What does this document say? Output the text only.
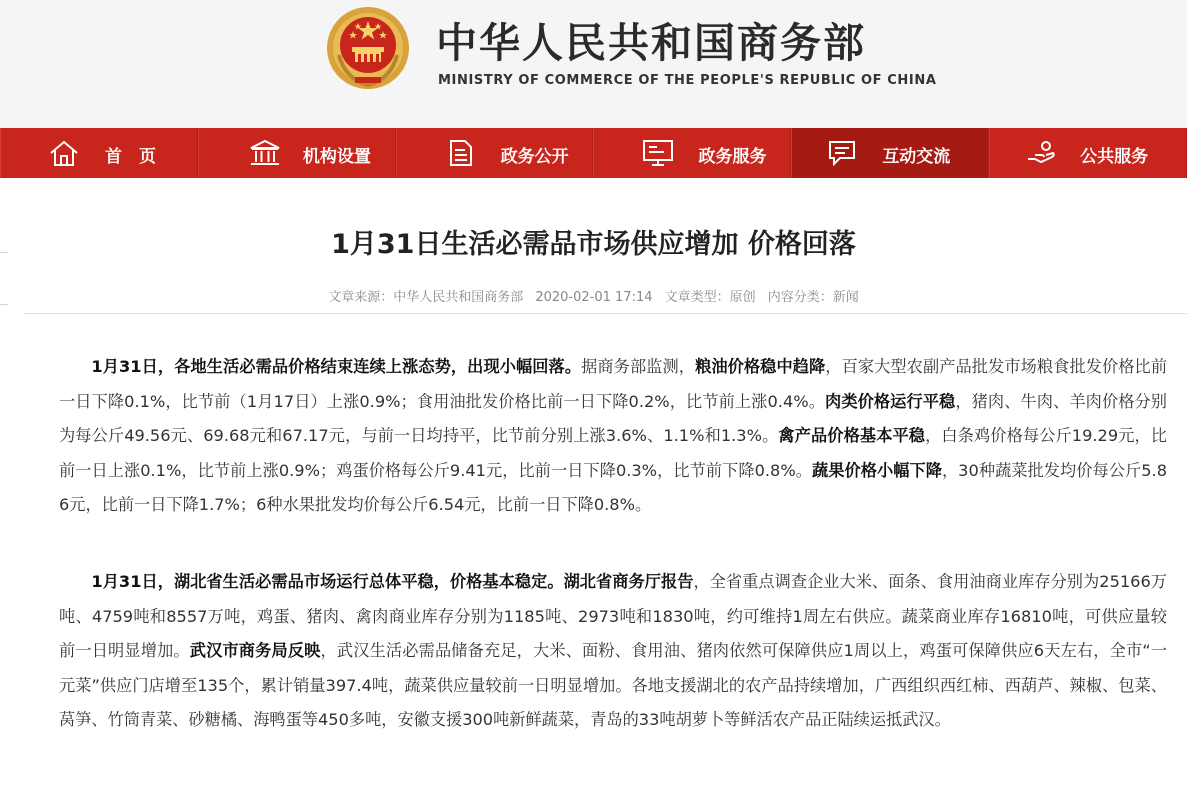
中华人民共和国商务部
MINISTRY OF COMMERCE OF THE PEOPLE'S REPUBLIC OF CHINA
首　页	机构设置	政务公开	政务服务	互动交流	公共服务
1月31日生活必需品市场供应增加 价格回落
文章来源：中华人民共和国商务部 2020-02-01 17:14 文章类型：原创 内容分类：新闻
1月31日，各地生活必需品价格结束连续上涨态势，出现小幅回落。据商务部监测，粮油价格稳中趋降，百家大型农副产品批发市场粮食批发价格比前一日下降0.1%，比节前（1月17日）上涨0.9%；食用油批发价格比前一日下降0.2%，比节前上涨0.4%。肉类价格运行平稳，猪肉、牛肉、羊肉价格分别为每公斤49.56元、69.68元和67.17元，与前一日均持平，比节前分别上涨3.6%、1.1%和1.3%。禽产品价格基本平稳，白条鸡价格每公斤19.29元，比前一日上涨0.1%，比节前上涨0.9%；鸡蛋价格每公斤9.41元，比前一日下降0.3%，比节前下降0.8%。蔬果价格小幅下降，30种蔬菜批发均价每公斤5.86元，比前一日下降1.7%；6种水果批发均价每公斤6.54元，比前一日下降0.8%。
1月31日，湖北省生活必需品市场运行总体平稳，价格基本稳定。湖北省商务厅报告，全省重点调查企业大米、面条、食用油商业库存分别为25166万吨、4759吨和8557万吨，鸡蛋、猪肉、禽肉商业库存分别为1185吨、2973吨和1830吨，约可维持1周左右供应。蔬菜商业库存16810吨，可供应量较前一日明显增加。武汉市商务局反映，武汉生活必需品储备充足，大米、面粉、食用油、猪肉依然可保障供应1周以上，鸡蛋可保障供应6天左右，全市“一元菜”供应门店增至135个，累计销量397.4吨，蔬菜供应量较前一日明显增加。各地支援湖北的农产品持续增加，广西组织西红柿、西葫芦、辣椒、包菜、莴笋、竹筒青菜、砂糖橘、海鸭蛋等450多吨，安徽支援300吨新鲜蔬菜，青岛的33吨胡萝卜等鲜活农产品正陆续运抵武汉。
